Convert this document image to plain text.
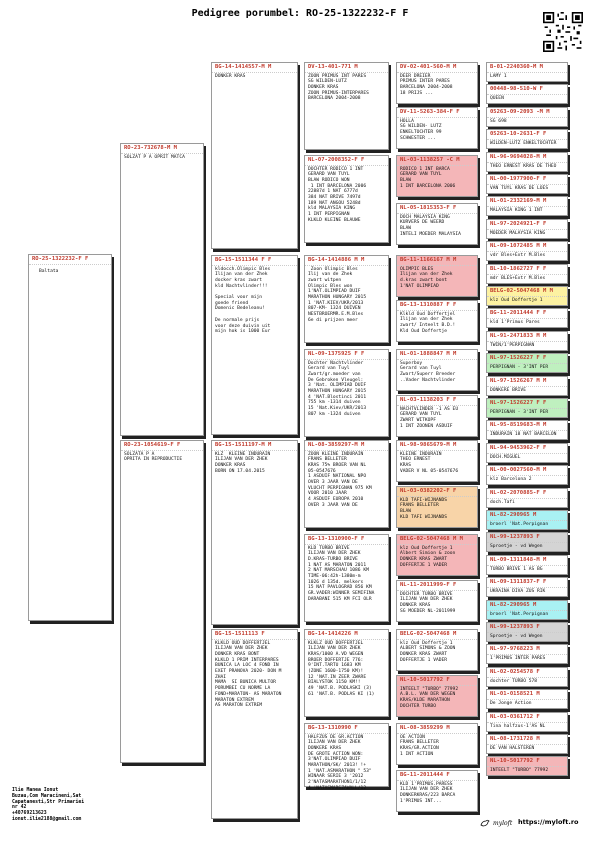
Pedigree porumbel: RO-25-1322232-F F
RO-25-1322232-F F
Baltata
RO-23-732678-M M
SOLZAT P A OPRIT MATCA
RO-23-1054619-F F
SOLZATA P A
OPRITA IN REPRODUCTIE
BG-14-1414557-M M
DONKER KRAS
BG-15-1511344 F F
kldocch.Olimpic Bles
Ilijan van der Zhek
docker kras zwart
kld Nachtvlinder!!!

Special voor mijn
goede friend
Domenic Bedeleanu!

De normale prijs
voor deze duivin uit
mijn hok is 1000 Eur
BG-15-1511197-M M
KLZ  KLEINE INDURAIN
ILIJAN VAN DER ZHEK
DONKER KRAS
BORN ON 17.04.2015
BG-15-1511113 F
KLKLD OUD DOFFERTJEL
ILIJAN VAN DER ZHEK
DONKER KRAS BONT
KLKLD 1 PRIM INTERPARES
BUNICA LA LOC 4 FOND IN
EXET PRANOVA 2020- DON M
ZHAI
MAMA  SI BUNICA MULTOR
PORUMBEI CU NORME LA
FOND+MARATON- AS MARATON
MARATON EXTREM
AS MARATON EXTREM
DV-13-401-771 M
ZOON PRIMUS INT PARES
SG WILDEN-LUTZ
DONKER KRAS
ZOON PRIMUS-INTERPARES
BARCELONA 2004-2008
NL-07-2008352-F F
DOCHTER RODICO 1 INT
GERARD VAN TUYL
BLAW RODICO WON
1 INT BARCELONA 2006
22887d 1 NAT 6777d
384 NAT BRIVE 7497d
189 NAT ANGOU 5248d
kld MALAYSIA KING
1 INT PERPIGNAN
KLKLD KLEINE BLAUWE
BG-14-1414886 M M
Zoon Olimpic Bles
Ilij van de Zhek
zwart witpen
Olimpic Bles won
1'NAT.OLIMPIAD DUIF
MARATHON HUNGARY 2015
1 'NAT.KIEV/UKR/2013
807-KM- 1324 DUIVEN
NESTBROERMR.E.M.Bles
6e di prijzen meer
NL-09-1375925 F F
Dochter Nachtvlinder
Gerard van Tuyl
Zwart/gr.moeder van
De Gebroken Vleugel:
3 'Nat. OLIMPIAD DUIF
MARATHON HUNGARY 2015
4 'NAT.Blostinci 2011
755 km -1314 duiven
15 'Nat.Kiev/UKR/2013
807 km -1324 duiven
NL-08-3859297-M M
ZOON KLEINE INDURAIN
FRANS BELLETER
KRAS 75% BROER VAN NL
05-0547676
1 ASDUIF NATIONAL NPO
OVER 3 JAAR VAN DE
VLUCHT PERPIGNAN 975 KM
VOOR 2010 JAAR
4 ASDUIF EUROPA 2010
OVER 3 JAAR VAN DE
BG-13-1310900-F F
KLD TURBO BRIVE
ILIJAN VAN DER ZHEK
D.KRAS-TURBO BRIVE
1 NAT AS MARATON 2011
2 NAT MARSCHAU 1086 KM
TIME-06:42h-1380m-m
1026 d 135d. melkers
15 NAT PAVLOGRAD 856 KM
GR.VADER:WINNER SEMIFINA
DARABANI 515 KM FCI OLR
BG-14-1414226 M
KLKLZ OUD DOFFERTJEL
ILIJAN VAN DER ZHEK
KRAS/1000 A.VD WEGEN
BROER DOFFERTJE 776:
9'INT.TARTU 1683 KM
(ZONE 1600-1750 KM)!
12 'NAT.IN ZEER ZWARE
BIALYSTOK 1150 KM!!
49 'NAT.B. PODLASKI (3)
61 'NAT.B. PODLAS KI (1)
BG-13-1310990 F
HALFZUS DE GR.ACTION
ILIJAN VAN DER ZHEK
DONKERE KRAS
DE GROTE ACTION WON:
3'NAT.OLIMPIAD DUIF
MARATHON/SK/ 2013! !+
1 'NAT.ASMARATHON " 53"
WINAAR SERIE 3 '2012
2'NATASMARATHON1/1/12
4 'NATASMARSZAWALL/12
DV-02-401-560-M M
DEER DREIER
PRIMUS INTER PARES
BARCELONA 2004-2008
18 PRIJS ...
DV-11-5263-384-F F
HOLLA
SG WILDEN- LUTZ
ENKELTOCHTER 99
SCHWESTER ...
NL-03-1138257 -C M
RODICO 1 INT BARCA
GERARD VAN TUYL
BLAW
1 INT BARCELONA 2006
NL-05-1815353-F F
DOCH MALAYSIA KING
KURVERS DE WEERD
BLAW
INTELI MOEDER MALAYSIA
BG-11-1166167 M M
OLIMPIC BLES
Ilijan van der Zhek
d.kras zwart bont
1'NAT OLIMPIAD
BG-13-1310887 F F
Klkld Oud Doffertjel
Ilijan van der Zhek
zwart/ Inteelt B.D.!
Kld Oud Doffertje
NL-01-1888847 M M
Superboy
Gerard van Tuyl
Zwart/Superr Breeder
..Vader Nachtvlinder
NL-03-1138203 F F
NACHTVLINDER -1 AS EU
GERARD VAN TUYL
ZWART WITKOPF
1 INT ZOONEN ASDUIF
NL-98-9865679-M M
KLEINE INDURAIN
THEO ERNEST
KRAS
VADER V NL 05-0547676
NL-03-0382202-F F
KLD TAFI-WIJNANDS
FRANS BELLETER
BLAW
KLD TAFI WIJNANDS
BELG-02-5047468 M M
klz Oud Doffertje 1
Albert Simion & zoon
DONKER KRAS ZWART
DOFFERTJE 1 VADER
NL-11-2011999-F F
DOCHTER TURBO BRIVE
ILIJAN VAN DER ZHEK
DONKER KRAS
SG MOEDER NL-2011999
BELG-02-5047468 M
klz Oud Doffertje 1
ALBERT SIMONS & ZOON
DONKER KRAS ZWART
DOFFERTJE 1 VADER
NL-10-5017792 F
INTEELT "TURBO" 77992
A.B.L. VAN DER WEGEN
KRAS/KLDE MARATHON
DOCHTER TURBO
NL-08-3859299 M
OE ACTION
FRANS BELLETER
KRAS/GR.ACTION
1 INT ACTION
BG-11-2011444 F
KLD 1'PRIMUS.PARESS
ILIJAN VAN DER ZHEK
DONKERKRAS/223 BARCA
1'PRIMUS INT...
B-01-2240360-M M
LAMY 1
00448-98-510-W F
QUEEN
05263-09-2093 -M M
SG 698
05263-10-2631-F F
WILDEN-LUTZ ENKELTOCHTER
NL-96-9694028-M M
THEO ERNEST KRAS DE THEO
NL-00-1977900-F F
VAN TUYL KRAS DE LOES
NL-01-2332169-M M
MALAYSIA KING 1 INT
NL-97-2024921-F F
MOEDER MALAYSIA KING
NL-09-1072485 M M
vdr Bles+Extr M.Bles
BL-10-1862727 F F
mdr BLES+Extr M.Bles
BELG-02-5047468 M M
klz Oud Doffertje 1
BG-11-2011444 F F
kld 1'Primus Pares
NL-91-2471833 M M
TWIN/1'PERPIGNAN
NL-97-1526227 F F
PERPIGNAN - 3'INT PER
NL-97-1526267 M M
DONKERE BRIVE
NL-97-1526227 F F
PERPIGNAN - 3'INT PER
NL-95-8519683-M M
INDURAIN 18 NAT BARCELON
NL-94-9453962-F F
DOCH.MIGUEL
NL-00-0027560-M M
klz Barcelona 2
NL-02-2070885-F F
doch.Tafi
NL-82-290965 M
broerl 'Nat.Perpignan
NL-99-1237893 F
Sproetje - vd Wegen
NL-09-1311848-M M
TURBO BRIVE 1 AS BG
NL-09-1311837-F F
UKRAINA DIVA ZUS RIK
NL-82-290965 M
broerl 'Nat.Perpignan
NL-99-1237893 F
Sproetje - vd Wegen
NL-97-9768223 M
1'PRIMUS INTER PARES
NL-02-0254578 F
dochter TURBO 578
NL-01-0158521 M
De Jonge Action
NL-03-0361712 F
Tina halfzus-1'AS NL
NL-08-1731728 M
DE VAN HALSTEREN
NL-10-5017792 F
INTEELT "TURBO" 77992
Ilie Manea Ionut
Buzau,Com Maracineni,Sat
Capatanesti,Str Primariei
nr 42
+40769213623
ionut.ilie2188@gmail.com
myloft https://myloft.ro
